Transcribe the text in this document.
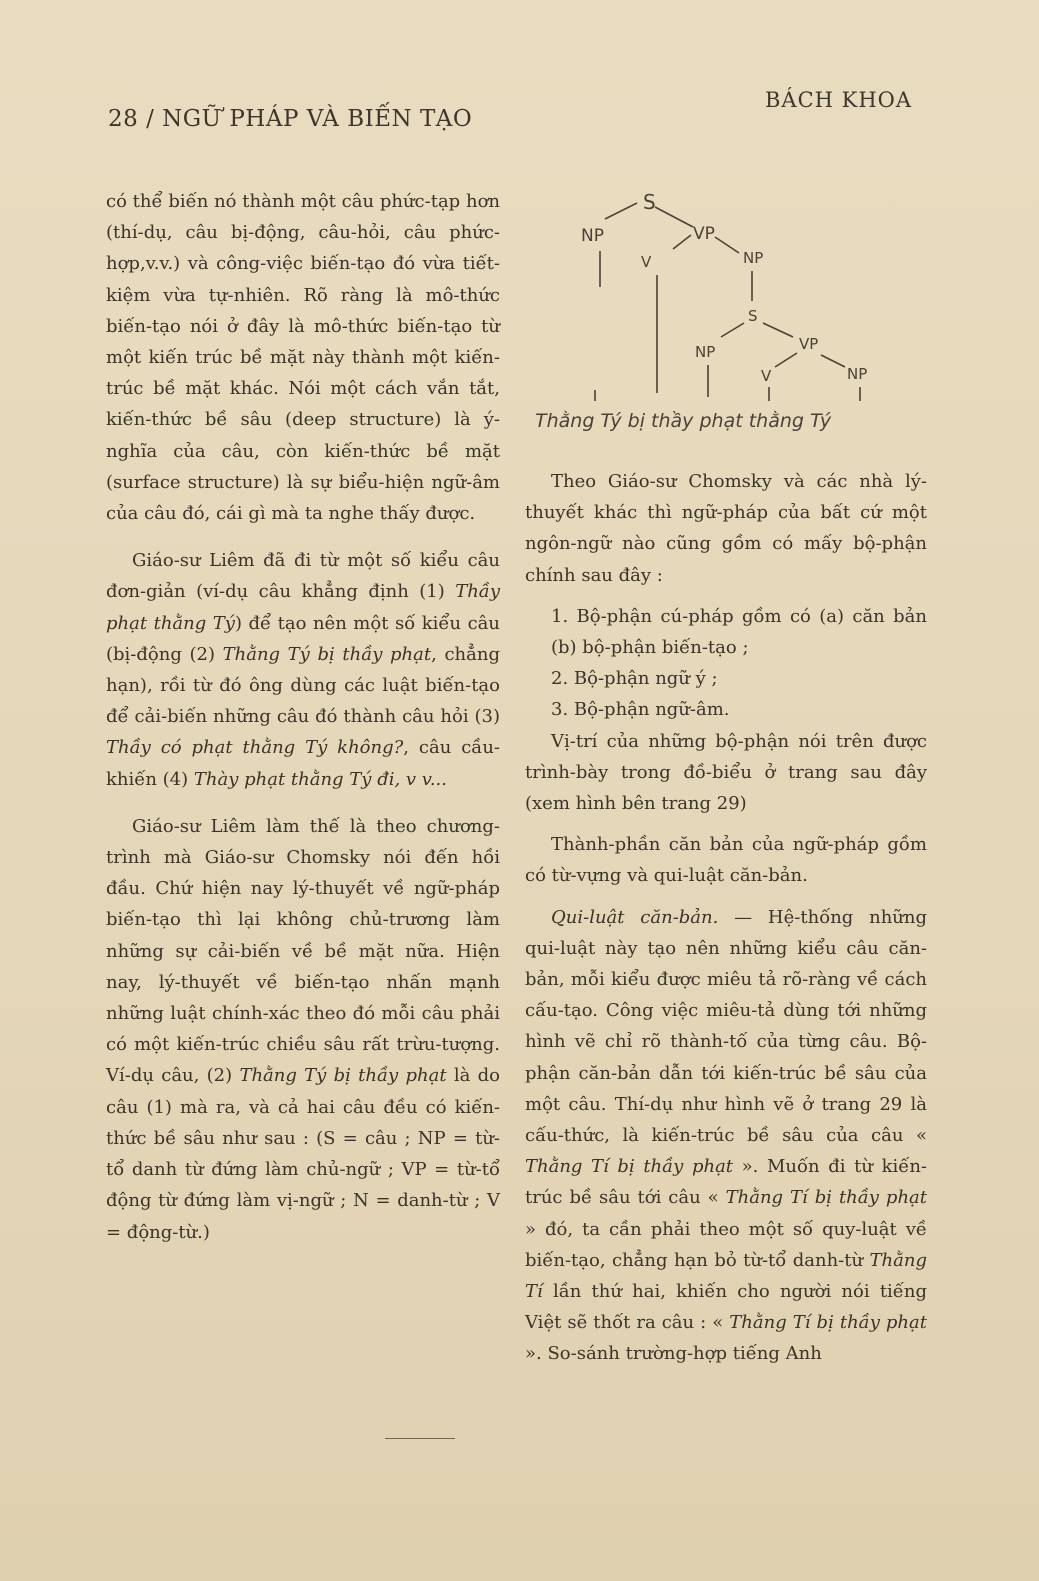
28 / NGỮ PHÁP VÀ BIẾN TẠO
BÁCH KHOA

có thể biến nó thành một câu phức-tạp hơn (thí-dụ, câu bị-động, câu-hỏi, câu phức-hợp,v.v.) và công-việc biến-tạo đó vừa tiết-kiệm vừa tự-nhiên. Rõ ràng là mô-thức biến-tạo nói ở đây là mô-thức biến-tạo từ một kiến trúc bề mặt này thành một kiến-trúc bề mặt khác. Nói một cách vắn tắt, kiến-thức bề sâu (deep structure) là ý-nghĩa của câu, còn kiến-thức bề mặt (surface structure) là sự biểu-hiện ngữ-âm của câu đó, cái gì mà ta nghe thấy được.

Giáo-sư Liêm đã đi từ một số kiểu câu đơn-giản (ví-dụ câu khẳng định (1) Thầy phạt thằng Tý) để tạo nên một số kiểu câu (bị-động (2) Thằng Tý bị thầy phạt, chẳng hạn), rồi từ đó ông dùng các luật biến-tạo để cải-biến những câu đó thành câu hỏi (3) Thầy có phạt thằng Tý không?, câu cầu-khiến (4) Thày phạt thằng Tý đi, v v...

Giáo-sư Liêm làm thế là theo chương-trình mà Giáo-sư Chomsky nói đến hồi đầu. Chứ hiện nay lý-thuyết về ngữ-pháp biến-tạo thì lại không chủ-trương làm những sự cải-biến về bề mặt nữa. Hiện nay, lý-thuyết về biến-tạo nhấn mạnh những luật chính-xác theo đó mỗi câu phải có một kiến-trúc chiều sâu rất trừu-tượng. Ví-dụ câu, (2) Thằng Tý bị thầy phạt là do câu (1) mà ra, và cả hai câu đều có kiến-thức bề sâu như sau : (S = câu ; NP = từ-tổ danh từ đứng làm chủ-ngữ ; VP = từ-tổ động từ đứng làm vị-ngữ ; N = danh-từ ; V = động-từ.)

S
NP	VP
V	NP
S
NP	VP
V	NP
Thằng Tý bị thầy phạt thằng Tý

Theo Giáo-sư Chomsky và các nhà lý-thuyết khác thì ngữ-pháp của bất cứ một ngôn-ngữ nào cũng gồm có mấy bộ-phận chính sau đây :

1. Bộ-phận cú-pháp gồm có (a) căn bản (b) bộ-phận biến-tạo ;

2. Bộ-phận ngữ ý ;

3. Bộ-phận ngữ-âm.

Vị-trí của những bộ-phận nói trên được trình-bày trong đồ-biểu ở trang sau đây (xem hình bên trang 29)

Thành-phần căn bản của ngữ-pháp gồm có từ-vựng và qui-luật căn-bản.

Qui-luật căn-bản. — Hệ-thống những qui-luật này tạo nên những kiểu câu căn-bản, mỗi kiểu được miêu tả rõ-ràng về cách cấu-tạo. Công việc miêu-tả dùng tới những hình vẽ chỉ rõ thành-tố của từng câu. Bộ-phận căn-bản dẫn tới kiến-trúc bề sâu của một câu. Thí-dụ như hình vẽ ở trang 29 là cấu-thức, là kiến-trúc bề sâu của câu « Thằng Tí bị thầy phạt ». Muốn đi từ kiến-trúc bề sâu tới câu « Thằng Tí bị thầy phạt » đó, ta cần phải theo một số quy-luật về biến-tạo, chẳng hạn bỏ từ-tổ danh-từ Thằng Tí lần thứ hai, khiến cho người nói tiếng Việt sẽ thốt ra câu : « Thằng Tí bị thầy phạt ». So-sánh trường-hợp tiếng Anh
